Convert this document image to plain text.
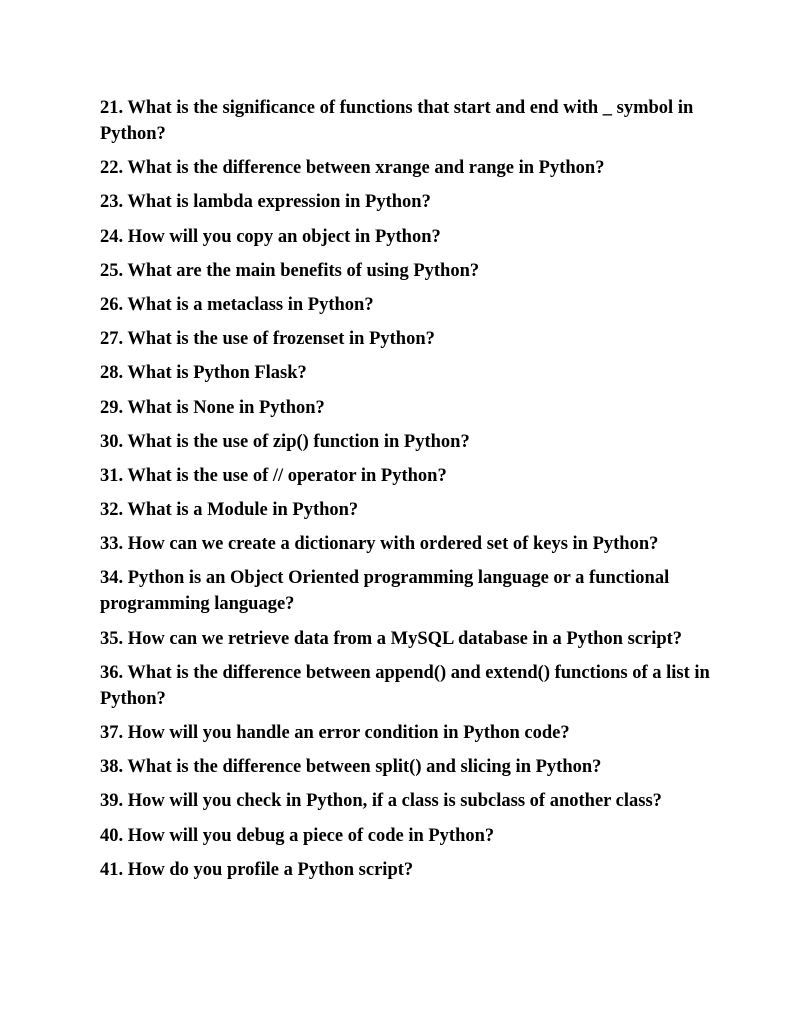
21. What is the significance of functions that start and end with _ symbol in Python?
22. What is the difference between xrange and range in Python?
23. What is lambda expression in Python?
24. How will you copy an object in Python?
25. What are the main benefits of using Python?
26. What is a metaclass in Python?
27. What is the use of frozenset in Python?
28. What is Python Flask?
29. What is None in Python?
30. What is the use of zip() function in Python?
31. What is the use of // operator in Python?
32. What is a Module in Python?
33. How can we create a dictionary with ordered set of keys in Python?
34. Python is an Object Oriented programming language or a functional programming language?
35. How can we retrieve data from a MySQL database in a Python script?
36. What is the difference between append() and extend() functions of a list in Python?
37. How will you handle an error condition in Python code?
38. What is the difference between split() and slicing in Python?
39. How will you check in Python, if a class is subclass of another class?
40. How will you debug a piece of code in Python?
41. How do you profile a Python script?
